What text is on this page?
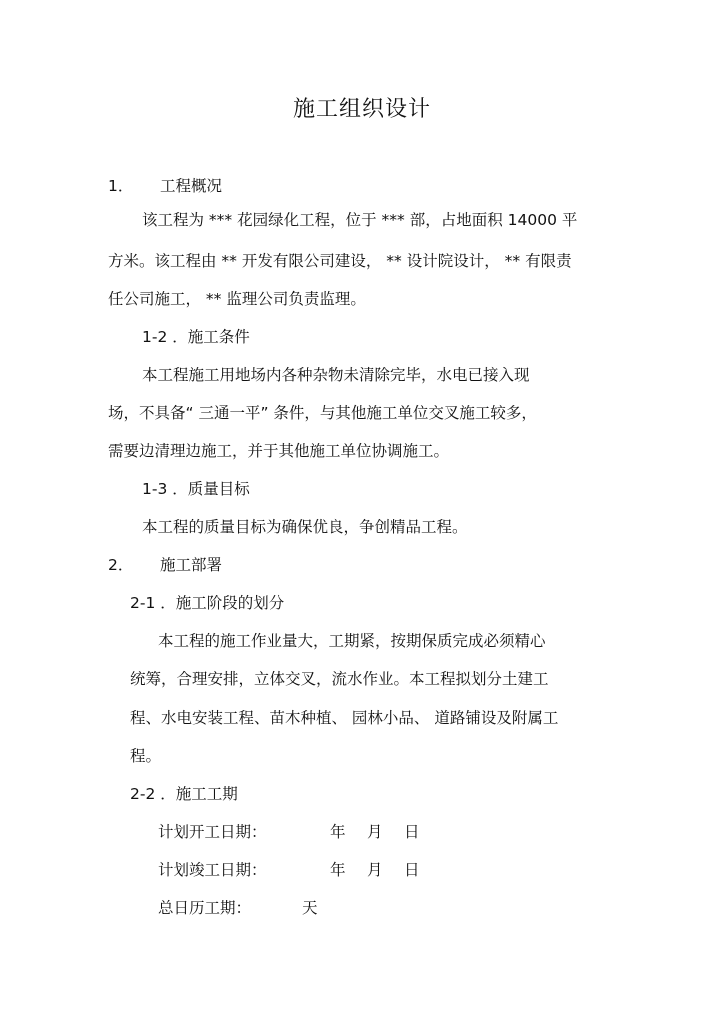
施工组织设计
1． 工程概况
该工程为 *** 花园绿化工程，位于 *** 部，占地面积 14000 平
方米。该工程由 ** 开发有限公司建设， ** 设计院设计， ** 有限责
任公司施工， ** 监理公司负责监理。
1-2 ．施工条件
本工程施工用地场内各种杂物未清除完毕，水电已接入现
场，不具备“ 三通一平” 条件，与其他施工单位交叉施工较多，
需要边清理边施工，并于其他施工单位协调施工。
1-3 ．质量目标
本工程的质量目标为确保优良，争创精品工程。
2． 施工部署
2-1 ．施工阶段的划分
本工程的施工作业量大，工期紧，按期保质完成必须精心
统筹，合理安排，立体交叉，流水作业。本工程拟划分土建工
程、水电安装工程、苗木种植、 园林小品、 道路铺设及附属工
程。
2-2 ．施工工期
计划开工日期：	年 月 日
计划竣工日期：	年 月 日
总日历工期：	天
